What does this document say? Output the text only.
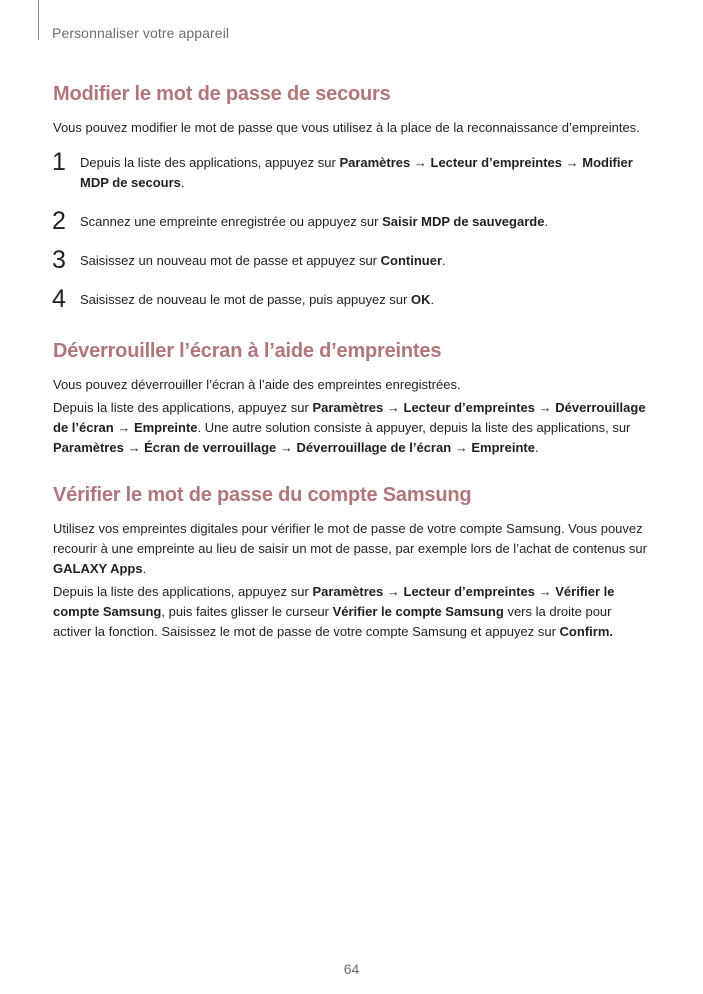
Personnaliser votre appareil
Modifier le mot de passe de secours

Vous pouvez modifier le mot de passe que vous utilisez à la place de la reconnaissance d’empreintes.

1 Depuis la liste des applications, appuyez sur Paramètres → Lecteur d’empreintes → Modifier MDP de secours.
2 Scannez une empreinte enregistrée ou appuyez sur Saisir MDP de sauvegarde.
3 Saisissez un nouveau mot de passe et appuyez sur Continuer.
4 Saisissez de nouveau le mot de passe, puis appuyez sur OK.
Déverrouiller l’écran à l’aide d’empreintes

Vous pouvez déverrouiller l’écran à l’aide des empreintes enregistrées.

Depuis la liste des applications, appuyez sur Paramètres → Lecteur d’empreintes → Déverrouillage de l’écran → Empreinte. Une autre solution consiste à appuyer, depuis la liste des applications, sur Paramètres → Écran de verrouillage → Déverrouillage de l’écran → Empreinte.

Vérifier le mot de passe du compte Samsung

Utilisez vos empreintes digitales pour vérifier le mot de passe de votre compte Samsung. Vous pouvez recourir à une empreinte au lieu de saisir un mot de passe, par exemple lors de l’achat de contenus sur GALAXY Apps.

Depuis la liste des applications, appuyez sur Paramètres → Lecteur d’empreintes → Vérifier le compte Samsung, puis faites glisser le curseur Vérifier le compte Samsung vers la droite pour activer la fonction. Saisissez le mot de passe de votre compte Samsung et appuyez sur Confirm.

64
